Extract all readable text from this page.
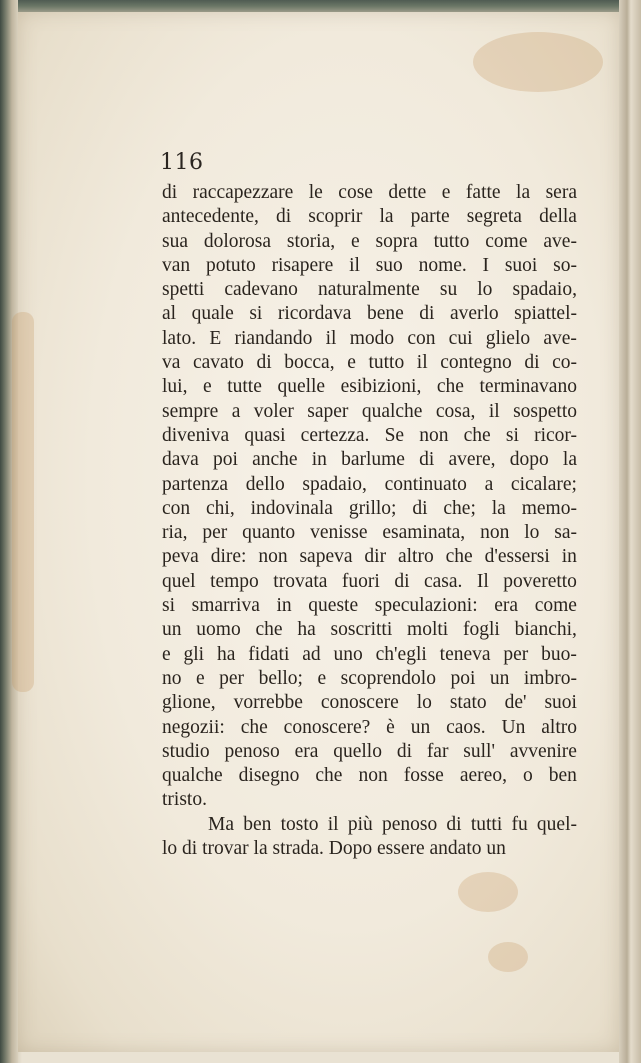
116
di raccapezzare le cose dette e fatte la sera
antecedente, di scoprir la parte segreta della
sua dolorosa storia, e sopra tutto come ave-
van potuto risapere il suo nome. I suoi so-
spetti cadevano naturalmente su lo spadaio,
al quale si ricordava bene di averlo spiattel-
lato. E riandando il modo con cui glielo ave-
va cavato di bocca, e tutto il contegno di co-
lui, e tutte quelle esibizioni, che terminavano
sempre a voler saper qualche cosa, il sospetto
diveniva quasi certezza. Se non che si ricor-
dava poi anche in barlume di avere, dopo la
partenza dello spadaio, continuato a cicalare;
con chi, indovinala grillo; di che; la memo-
ria, per quanto venisse esaminata, non lo sa-
peva dire: non sapeva dir altro che d'essersi in
quel tempo trovata fuori di casa. Il poveretto
si smarriva in queste speculazioni: era come
un uomo che ha soscritti molti fogli bianchi,
e gli ha fidati ad uno ch'egli teneva per buo-
no e per bello; e scoprendolo poi un imbro-
glione, vorrebbe conoscere lo stato de' suoi
negozii: che conoscere? è un caos. Un altro
studio penoso era quello di far sull' avvenire
qualche disegno che non fosse aereo, o ben
tristo.

Ma ben tosto il più penoso di tutti fu quel-
lo
di
trovar
la
strada.
Dopo
essere
andato
un
